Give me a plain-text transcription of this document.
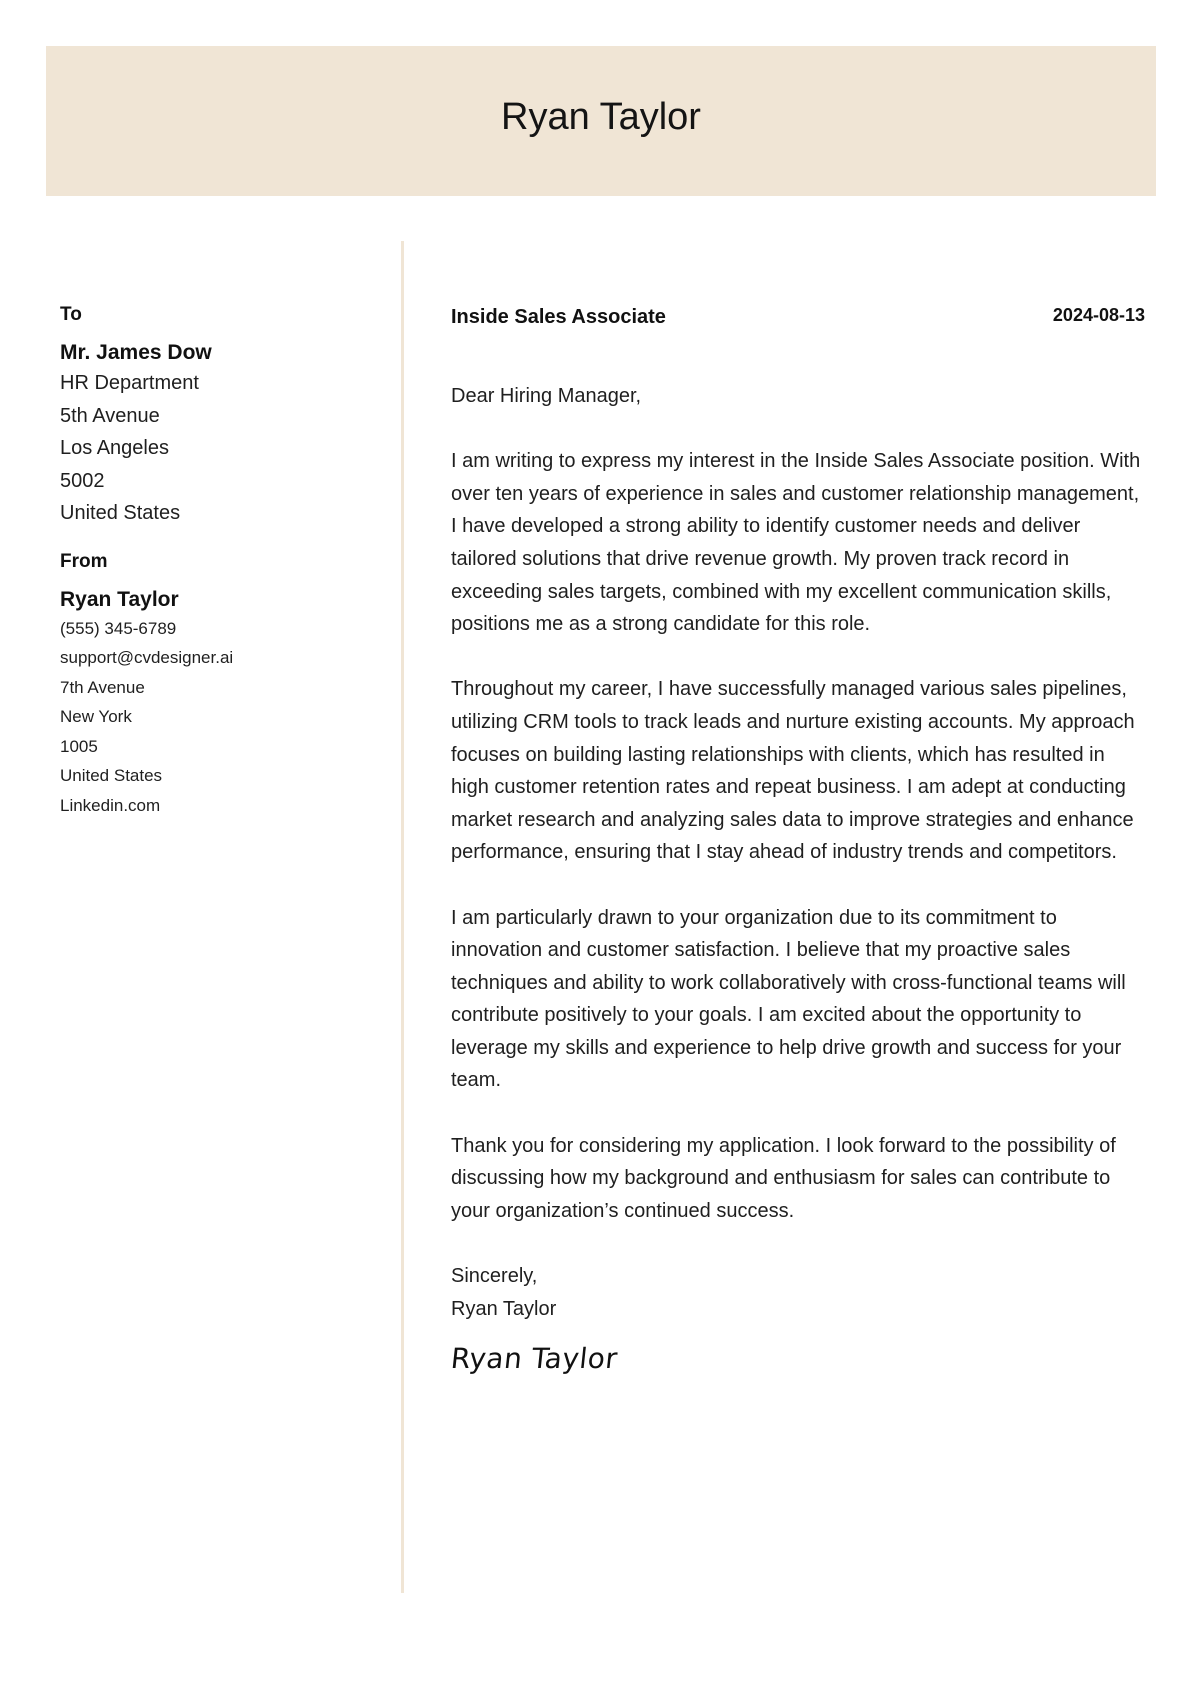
Ryan Taylor
To
Mr. James Dow
HR Department
5th Avenue
Los Angeles
5002
United States
From
Ryan Taylor
(555) 345-6789
support@cvdesigner.ai
7th Avenue
New York
1005
United States
Linkedin.com
Inside Sales Associate	2024-08-13
Dear Hiring Manager,

I am writing to express my interest in the Inside Sales Associate position. With over ten years of experience in sales and customer relationship management, I have developed a strong ability to identify customer needs and deliver tailored solutions that drive revenue growth. My proven track record in exceeding sales targets, combined with my excellent communication skills, positions me as a strong candidate for this role.

Throughout my career, I have successfully managed various sales pipelines, utilizing CRM tools to track leads and nurture existing accounts. My approach focuses on building lasting relationships with clients, which has resulted in high customer retention rates and repeat business. I am adept at conducting market research and analyzing sales data to improve strategies and enhance performance, ensuring that I stay ahead of industry trends and competitors.

I am particularly drawn to your organization due to its commitment to innovation and customer satisfaction. I believe that my proactive sales techniques and ability to work collaboratively with cross-functional teams will contribute positively to your goals. I am excited about the opportunity to leverage my skills and experience to help drive growth and success for your team.

Thank you for considering my application. I look forward to the possibility of discussing how my background and enthusiasm for sales can contribute to your organization’s continued success.

Sincerely,
Ryan Taylor
Ryan Taylor
